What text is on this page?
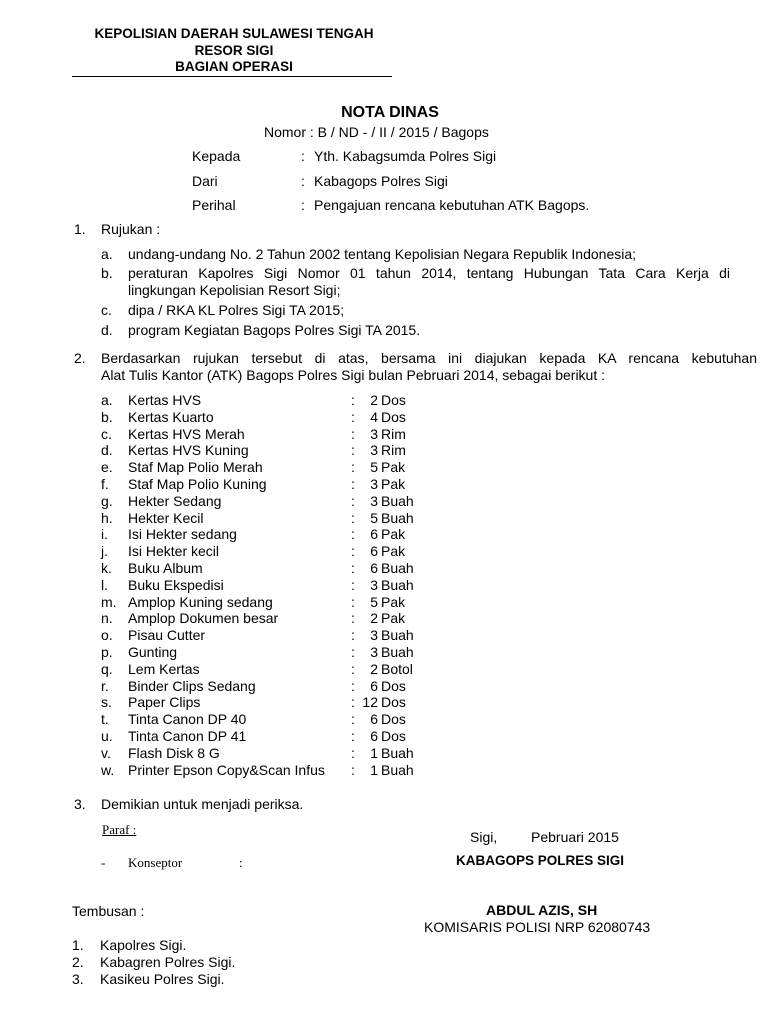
KEPOLISIAN DAERAH SULAWESI TENGAH
RESOR SIGI
BAGIAN OPERASI
NOTA DINAS
Nomor : B / ND - / II / 2015 / Bagops
Kepada	: Yth. Kabagsumda Polres Sigi
Dari	: Kabagops Polres Sigi
Perihal	: Pengajuan rencana kebutuhan ATK Bagops.
1. Rujukan :
a. undang-undang No. 2 Tahun 2002 tentang Kepolisian Negara Republik Indonesia;
b. peraturan Kapolres Sigi Nomor 01 tahun 2014, tentang Hubungan Tata Cara Kerja di
lingkungan Kepolisian Resort Sigi;
c. dipa / RKA KL Polres Sigi TA 2015;
d. program Kegiatan Bagops Polres Sigi TA 2015.
2. Berdasarkan rujukan tersebut di atas, bersama ini diajukan kepada KA rencana kebutuhan
Alat Tulis Kantor (ATK) Bagops Polres Sigi bulan Pebruari 2014, sebagai berikut :
a. Kertas HVS	:	2 Dos
b. Kertas Kuarto	:	4 Dos
c. Kertas HVS Merah	:	3 Rim
d. Kertas HVS Kuning	:	3 Rim
e. Staf Map Polio Merah	:	5 Pak
f. Staf Map Polio Kuning	:	3 Pak
g. Hekter Sedang	:	3 Buah
h. Hekter Kecil	:	5 Buah
i. Isi Hekter sedang	:	6 Pak
j. Isi Hekter kecil	:	6 Pak
k. Buku Album	:	6 Buah
l. Buku Ekspedisi	:	3 Buah
m. Amplop Kuning sedang	:	5 Pak
n. Amplop Dokumen besar	:	2 Pak
o. Pisau Cutter	:	3 Buah
p. Gunting	:	3 Buah
q. Lem Kertas	:	2 Botol
r. Binder Clips Sedang	:	6 Dos
s. Paper Clips	: 12 Dos
t. Tinta Canon DP 40	:	6 Dos
u. Tinta Canon DP 41	:	6 Dos
v. Flash Disk 8 G	:	1 Buah
w. Printer Epson Copy&Scan Infus :	1 Buah
3. Demikian untuk menjadi periksa.
Paraf :
- Konseptor	:
Sigi, Pebruari 2015
KABAGOPS POLRES SIGI
ABDUL AZIS, SH
KOMISARIS POLISI NRP 62080743
Tembusan :
1. Kapolres Sigi.
2. Kabagren Polres Sigi.
3. Kasikeu Polres Sigi.
